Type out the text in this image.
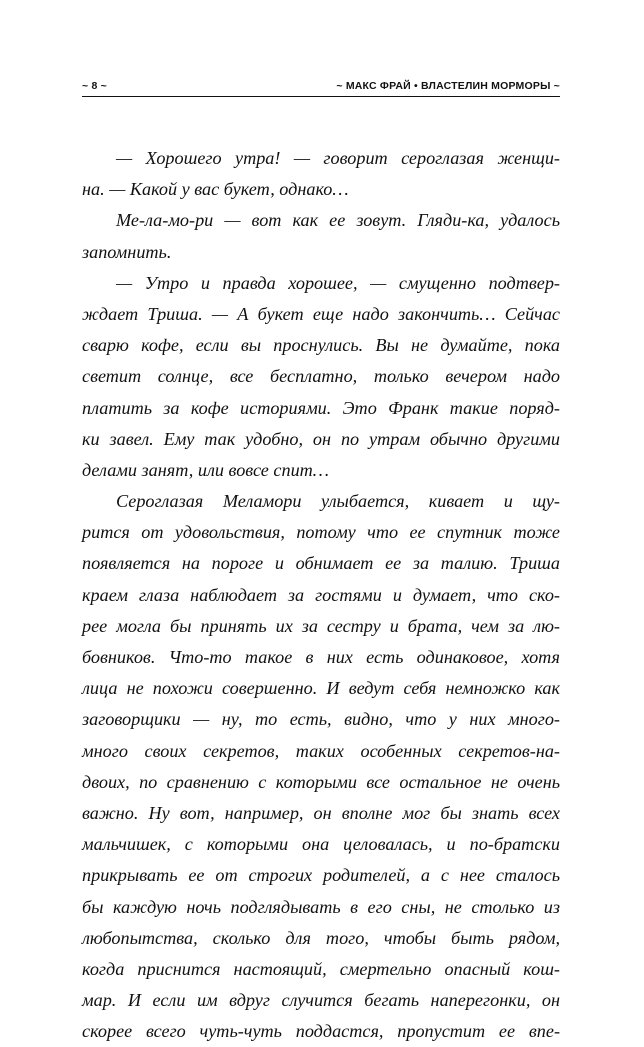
~ 8 ~	~ МАКС ФРАЙ • ВЛАСТЕЛИН МОРМОРЫ ~
— Хорошего утра! — говорит сероглазая женщи-
на. — Какой у вас букет, однако…
Ме-ла-мо-ри — вот как ее зовут. Гляди-ка, удалось
запомнить.
— Утро и правда хорошее, — смущенно подтвер-
ждает Триша. — А букет еще надо закончить… Сейчас
сварю кофе, если вы проснулись. Вы не думайте, пока
светит солнце, все бесплатно, только вечером надо
платить за кофе историями. Это Франк такие поряд-
ки завел. Ему так удобно, он по утрам обычно другими
делами занят, или вовсе спит…
Сероглазая Меламори улыбается, кивает и щу-
рится от удовольствия, потому что ее спутник тоже
появляется на пороге и обнимает ее за талию. Триша
краем глаза наблюдает за гостями и думает, что ско-
рее могла бы принять их за сестру и брата, чем за лю-
бовников. Что-то такое в них есть одинаковое, хотя
лица не похожи совершенно. И ведут себя немножко как
заговорщики — ну, то есть, видно, что у них много-
много своих секретов, таких особенных секретов-на-
двоих, по сравнению с которыми все остальное не очень
важно. Ну вот, например, он вполне мог бы знать всех
мальчишек, с которыми она целовалась, и по-братски
прикрывать ее от строгих родителей, а с нее сталось
бы каждую ночь подглядывать в его сны, не столько из
любопытства, сколько для того, чтобы быть рядом,
когда приснится настоящий, смертельно опасный кош-
мар. И если им вдруг случится бегать наперегонки, он
скорее всего чуть-чуть поддастся, пропустит ее впе-
